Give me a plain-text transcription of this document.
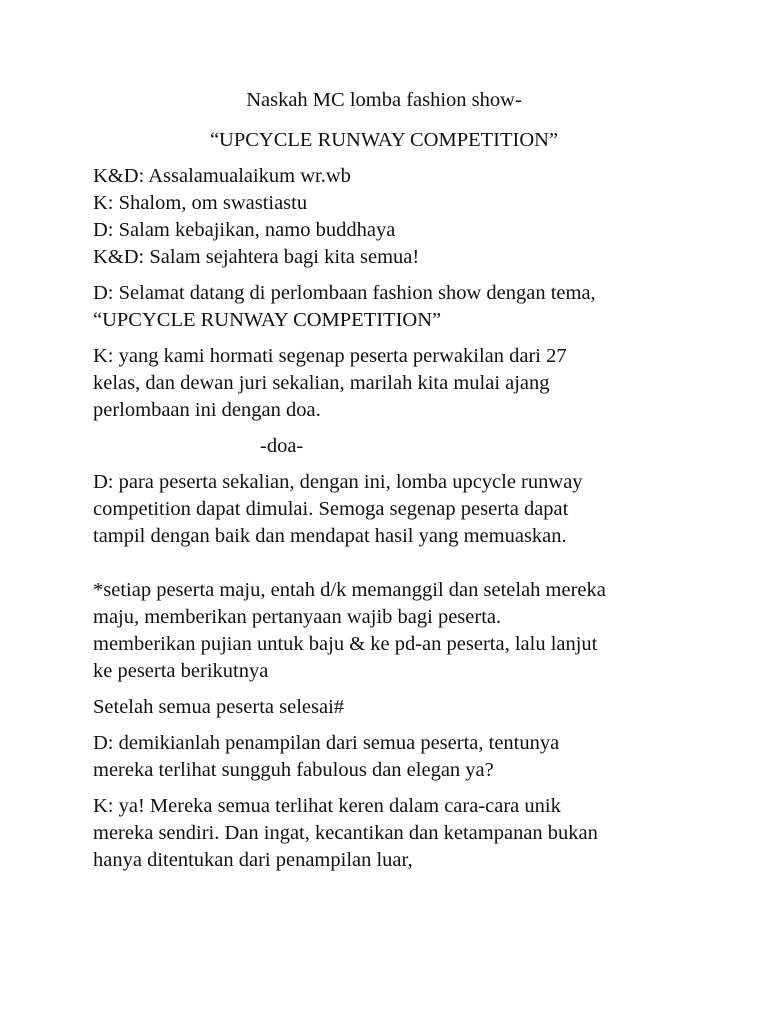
Naskah MC lomba fashion show-
“UPCYCLE RUNWAY COMPETITION”
K&D: Assalamualaikum wr.wb
K: Shalom, om swastiastu
D: Salam kebajikan, namo buddhaya
K&D: Salam sejahtera bagi kita semua!
D: Selamat datang di perlombaan fashion show dengan tema,
“UPCYCLE RUNWAY COMPETITION”
K: yang kami hormati segenap peserta perwakilan dari 27
kelas, dan dewan juri sekalian, marilah kita mulai ajang
perlombaan ini dengan doa.
-doa-
D: para peserta sekalian, dengan ini, lomba upcycle runway
competition dapat dimulai. Semoga segenap peserta dapat
tampil dengan baik dan mendapat hasil yang memuaskan.
*setiap peserta maju, entah d/k memanggil dan setelah mereka
maju, memberikan pertanyaan wajib bagi peserta.
memberikan pujian untuk baju & ke pd-an peserta, lalu lanjut
ke peserta berikutnya
Setelah semua peserta selesai#
D: demikianlah penampilan dari semua peserta, tentunya
mereka terlihat sungguh fabulous dan elegan ya?
K: ya! Mereka semua terlihat keren dalam cara-cara unik
mereka sendiri. Dan ingat, kecantikan dan ketampanan bukan
hanya ditentukan dari penampilan luar,
